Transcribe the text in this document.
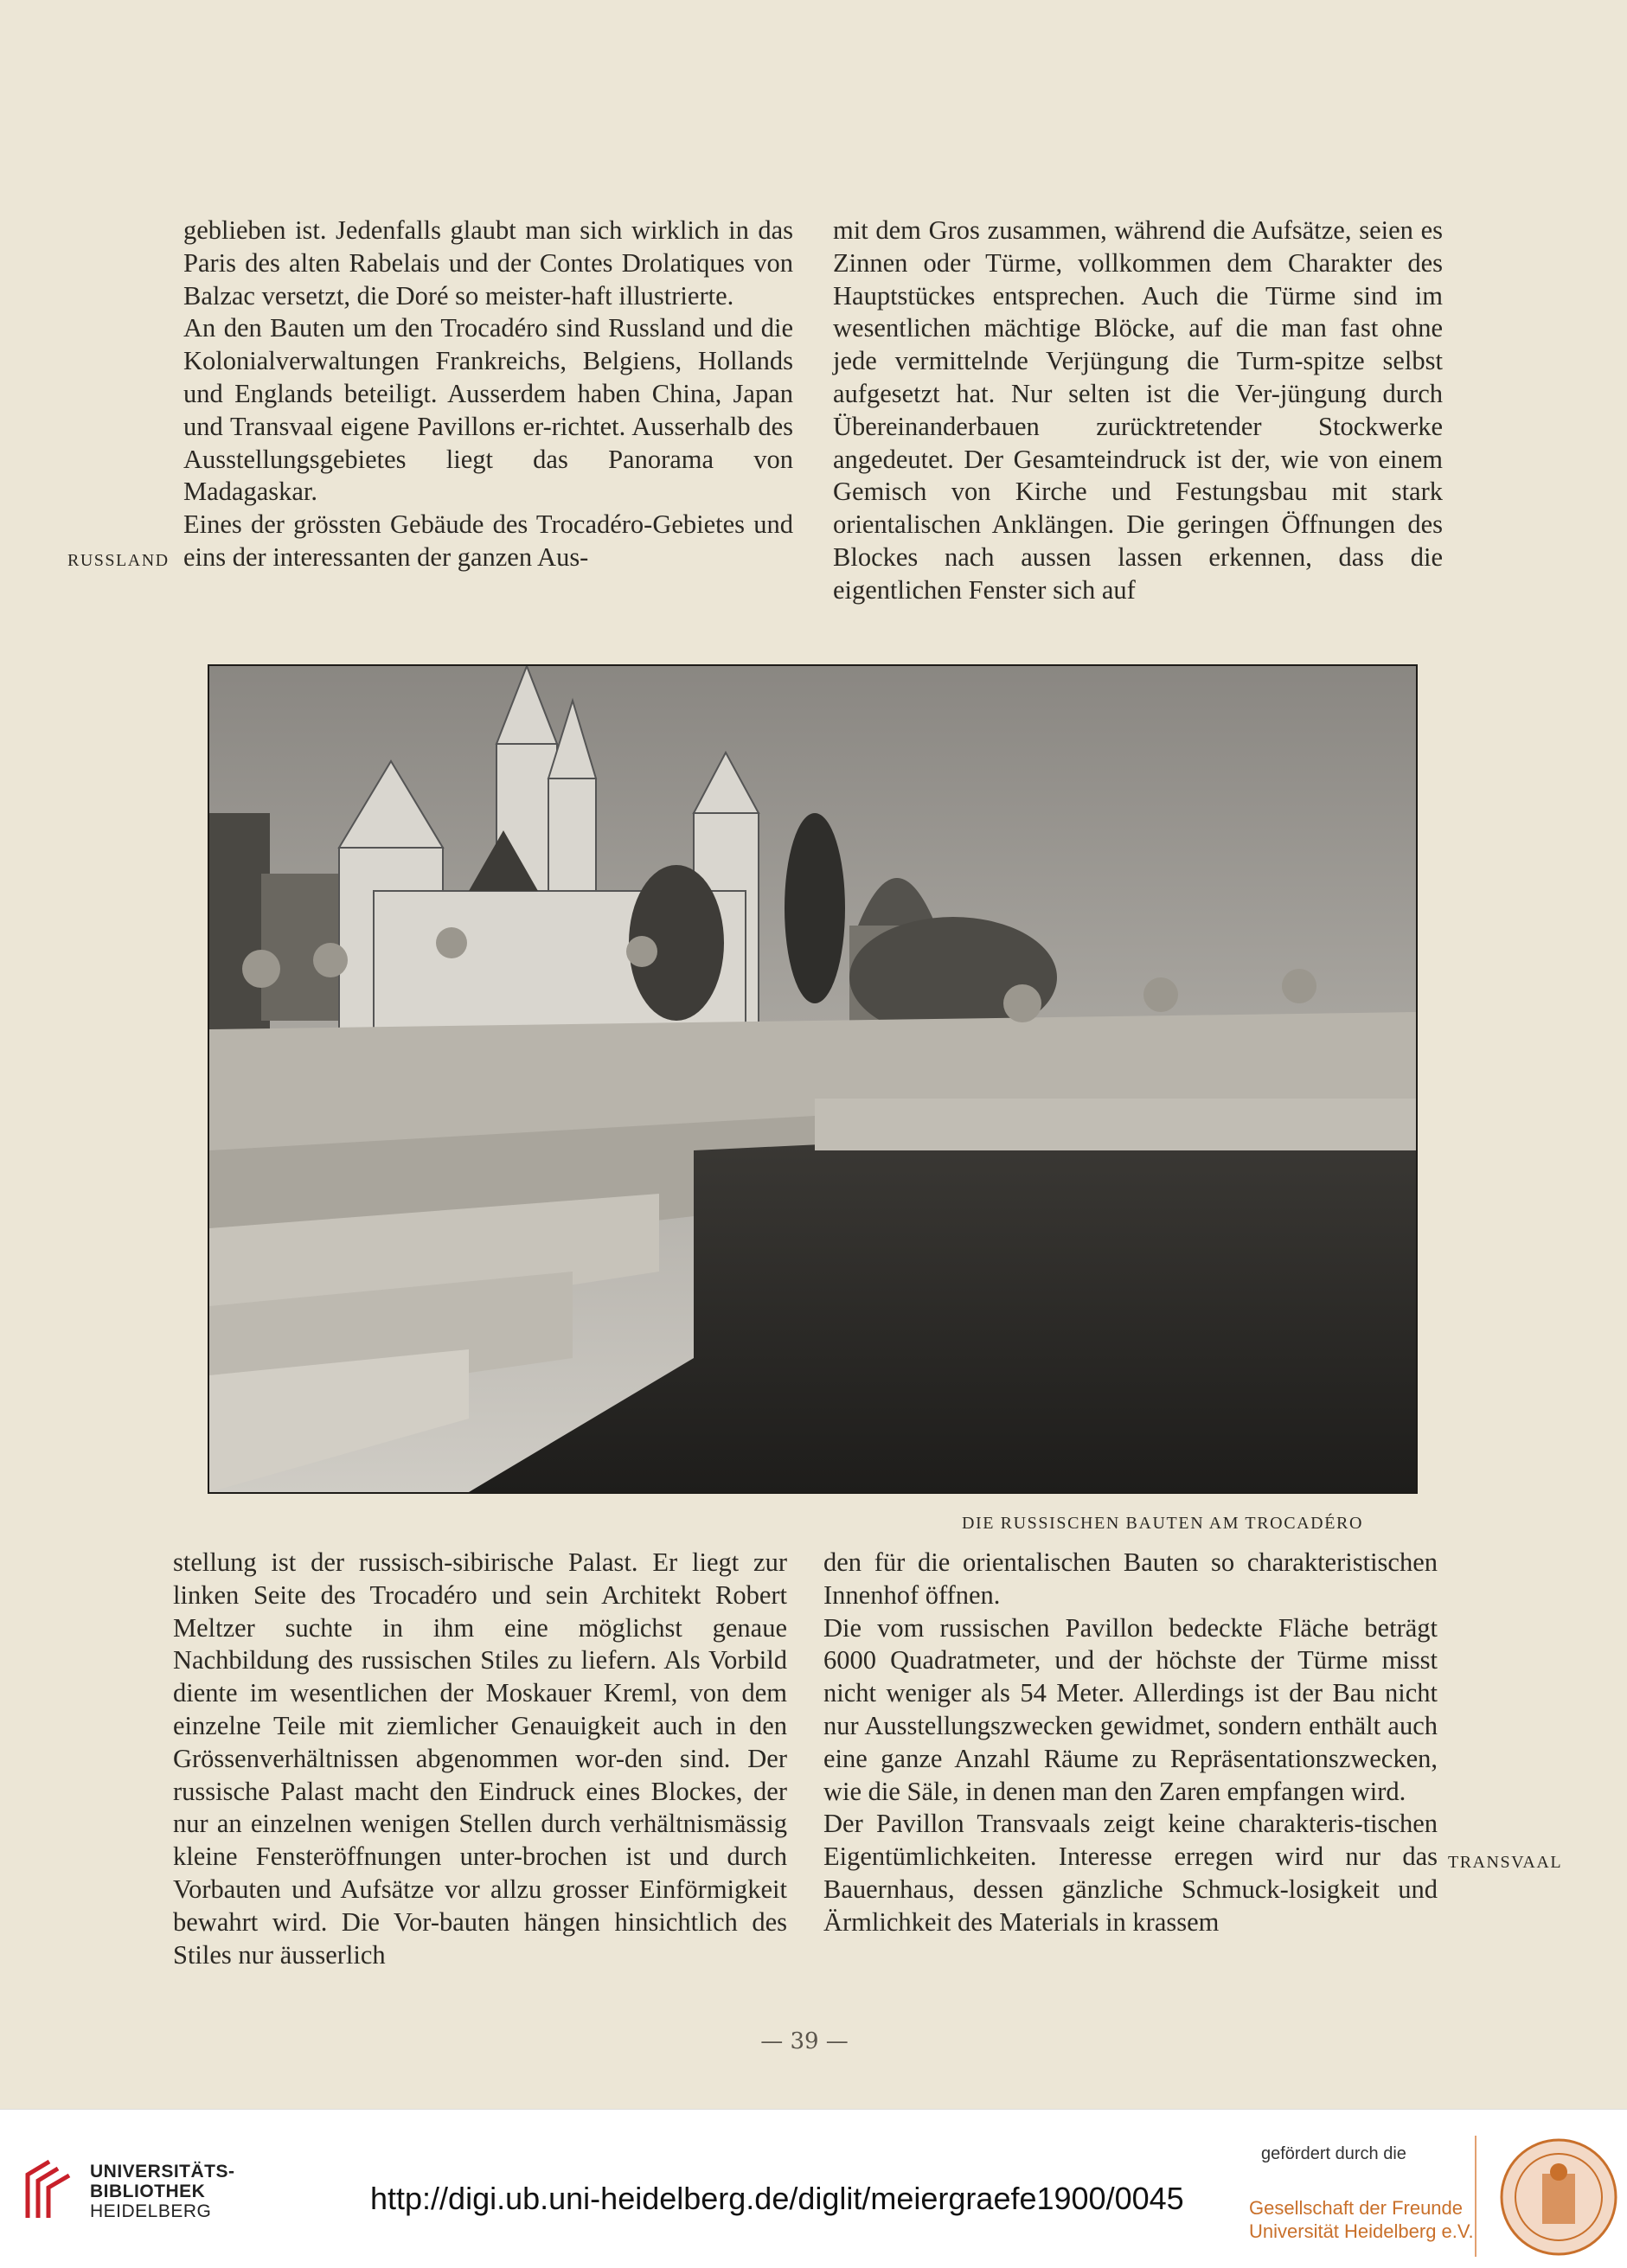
geblieben ist. Jedenfalls glaubt man sich wirklich in das Paris des alten Rabelais und der Contes Drolatiques von Balzac versetzt, die Doré so meister-haft illustrierte.

An den Bauten um den Trocadéro sind Russland und die Kolonialverwaltungen Frankreichs, Belgiens, Hollands und Englands beteiligt. Ausserdem haben China, Japan und Transvaal eigene Pavillons er-richtet. Ausserhalb des Ausstellungsgebietes liegt das Panorama von Madagaskar.

Eines der grössten Gebäude des Trocadéro-Gebietes und eins der interessanten der ganzen Aus-

RUSSLAND

mit dem Gros zusammen, während die Aufsätze, seien es Zinnen oder Türme, vollkommen dem Charakter des Hauptstückes entsprechen. Auch die Türme sind im wesentlichen mächtige Blöcke, auf die man fast ohne jede vermittelnde Verjüngung die Turm-spitze selbst aufgesetzt hat. Nur selten ist die Ver-jüngung durch Übereinanderbauen zurücktretender Stockwerke angedeutet. Der Gesamteindruck ist der, wie von einem Gemisch von Kirche und Festungsbau mit stark orientalischen Anklängen. Die geringen Öffnungen des Blockes nach aussen lassen erkennen, dass die eigentlichen Fenster sich auf

DIE RUSSISCHEN BAUTEN AM TROCADÉRO

stellung ist der russisch-sibirische Palast. Er liegt zur linken Seite des Trocadéro und sein Architekt Robert Meltzer suchte in ihm eine möglichst genaue Nachbildung des russischen Stiles zu liefern. Als Vorbild diente im wesentlichen der Moskauer Kreml, von dem einzelne Teile mit ziemlicher Genauigkeit auch in den Grössenverhältnissen abgenommen wor-den sind. Der russische Palast macht den Eindruck eines Blockes, der nur an einzelnen wenigen Stellen durch verhältnismässig kleine Fensteröffnungen unter-brochen ist und durch Vorbauten und Aufsätze vor allzu grosser Einförmigkeit bewahrt wird. Die Vor-bauten hängen hinsichtlich des Stiles nur äusserlich

den für die orientalischen Bauten so charakteristischen Innenhof öffnen.

Die vom russischen Pavillon bedeckte Fläche beträgt 6000 Quadratmeter, und der höchste der Türme misst nicht weniger als 54 Meter. Allerdings ist der Bau nicht nur Ausstellungszwecken gewidmet, sondern enthält auch eine ganze Anzahl Räume zu Repräsentationszwecken, wie die Säle, in denen man den Zaren empfangen wird.

Der Pavillon Transvaals zeigt keine charakteris-tischen Eigentümlichkeiten. Interesse erregen wird nur das Bauernhaus, dessen gänzliche Schmuck-losigkeit und Ärmlichkeit des Materials in krassem

TRANSVAAL
— 39 —
UNIVERSITÄTS-
BIBLIOTHEK
HEIDELBERG	http://digi.ub.uni-heidelberg.de/diglit/meiergraefe1900/0045
gefördert durch die
Gesellschaft der Freunde
Universität Heidelberg e.V.
